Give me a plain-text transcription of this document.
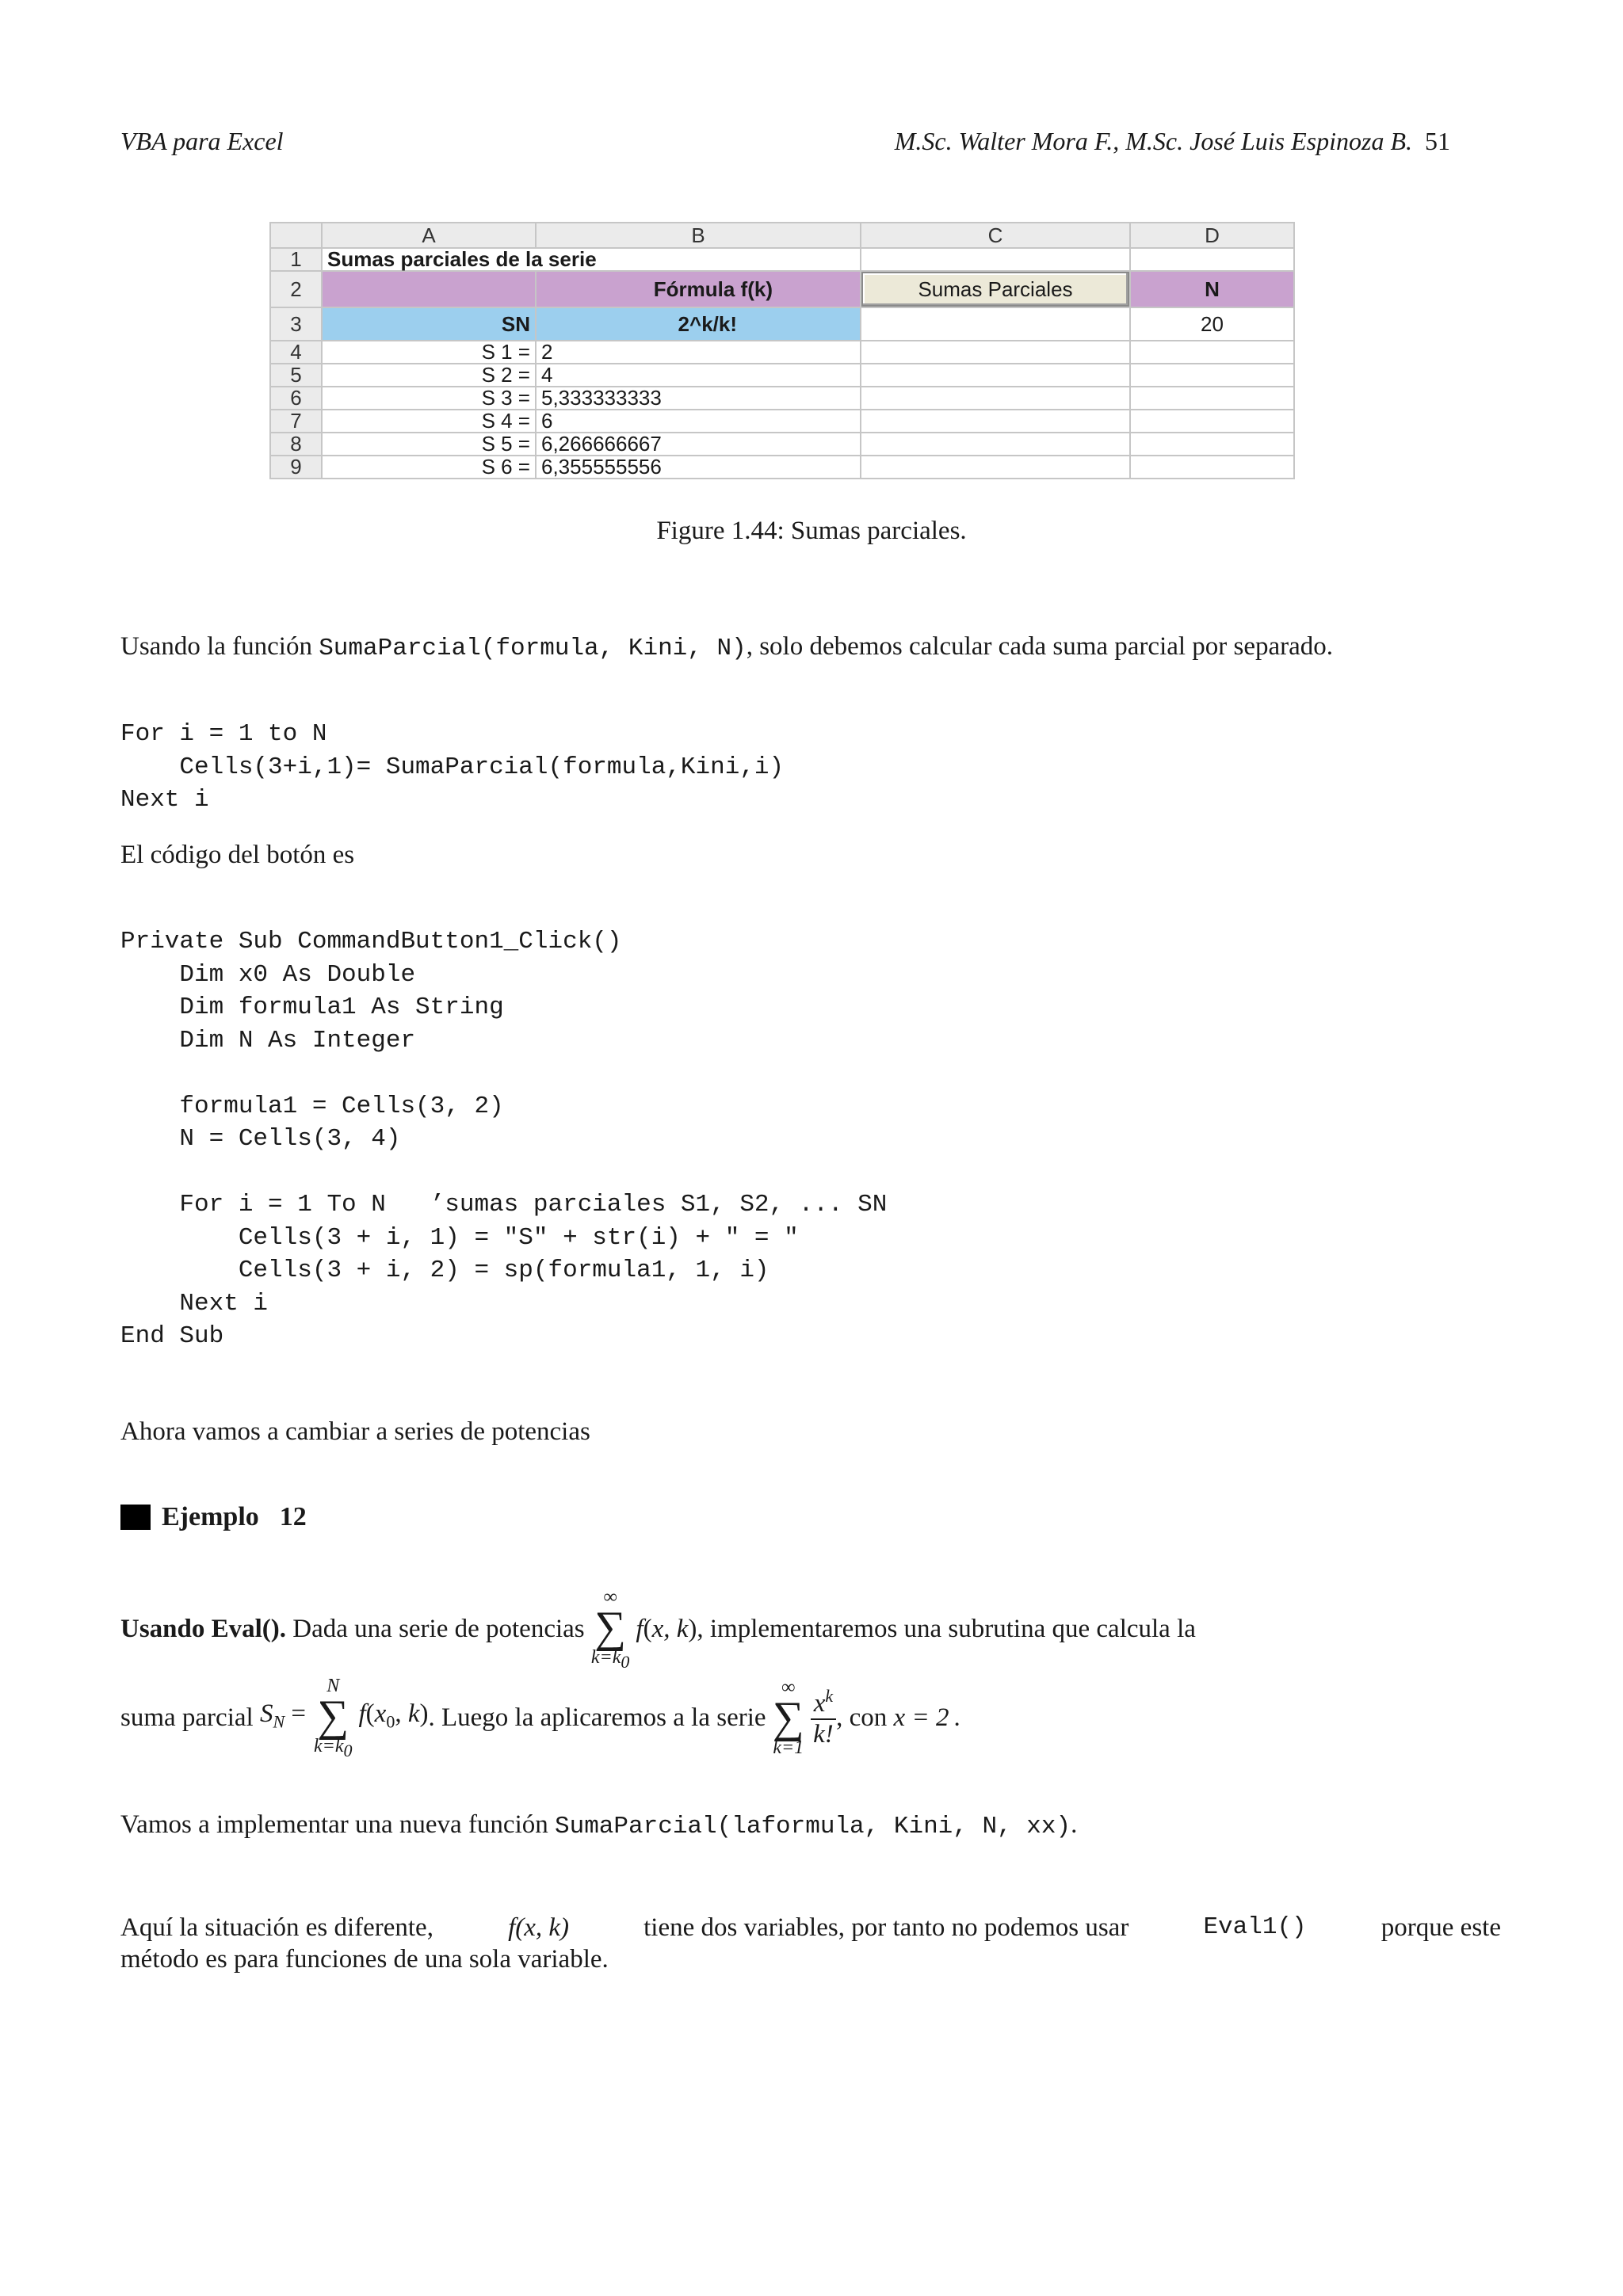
VBA para Excel	M.Sc. Walter Mora F., M.Sc. José Luis Espinoza B. 51
	A	B	C	D
1	Sumas parciales de la serie			
2		Fórmula f(k)	Sumas Parciales	N
3	SN	2^k/k!		20
4	S 1 =	2		
5	S 2 =	4		
6	S 3 =	5,333333333		
7	S 4 =	6		
8	S 5 =	6,266666667		
9	S 6 =	6,355555556		
Figure 1.44: Sumas parciales.
Usando la función SumaParcial(formula, Kini, N), solo debemos calcular cada suma parcial por separado.
For i = 1 to N
Cells(3+i,1)= SumaParcial(formula,Kini,i)
Next i
El código del botón es
Private Sub CommandButton1_Click()
Dim x0 As Double
Dim formula1 As String
Dim N As Integer

formula1 = Cells(3, 2)
N = Cells(3, 4)

For i = 1 To N   ’sumas parciales S1, S2, ... SN
Cells(3 + i, 1) = "S" + str(i) + " = "
Cells(3 + i, 2) = sp(formula1, 1, i)
Next i
End Sub
Ahora vamos a cambiar a series de potencias
Ejemplo 12
Usando Eval(). Dada una serie de potencias
∞
∑
$k=k_0$
f(x, k) , implementaremos una subrutina que calcula la
suma parcial $S_N$ =
N
∑
$k=k_0$
$f(x_0$, k) . Luego la aplicaremos a la serie
∞
∑
$k=1 \frac{x^k}{k!}$ , con x = 2 .
Vamos a implementar una nueva función SumaParcial(laformula, Kini, N, xx).
Aquí la situación es diferente,	f(x, k)	tiene dos variables, por tanto no podemos usar	Eval1()	porque este
método es para funciones de una sola variable.
